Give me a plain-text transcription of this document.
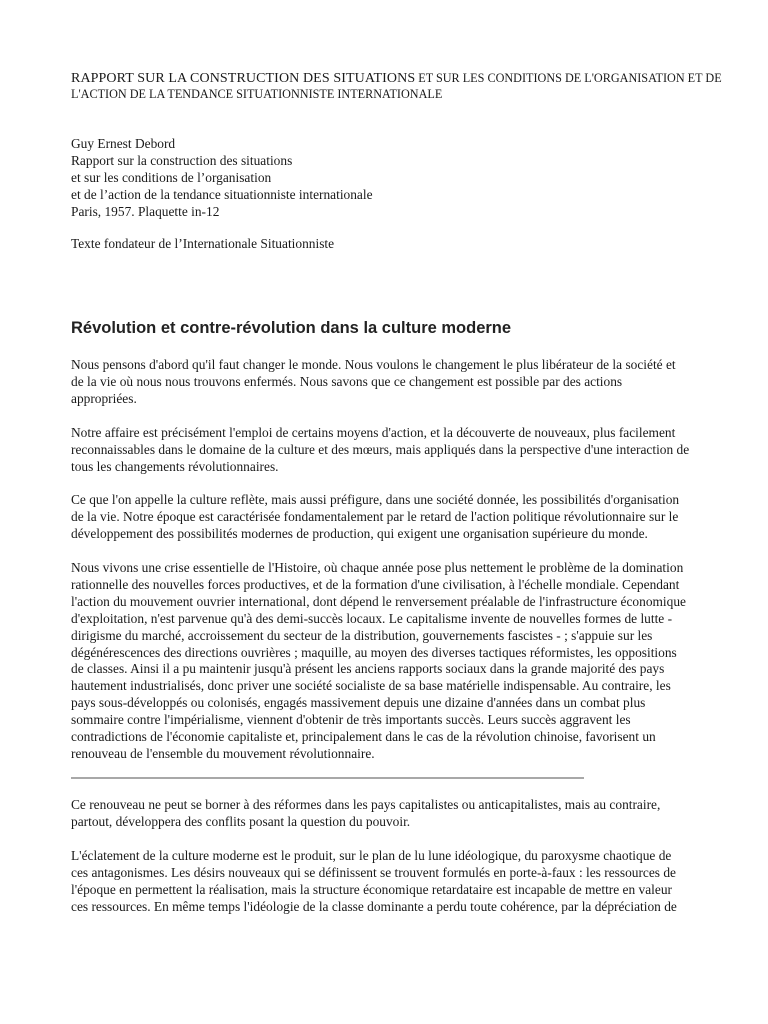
RAPPORT SUR LA CONSTRUCTION DES SITUATIONS ET SUR LES CONDITIONS DE L'ORGANISATION ET DE
L'ACTION DE LA TENDANCE SITUATIONNISTE INTERNATIONALE
Guy Ernest Debord
Rapport sur la construction des situations
et sur les conditions de l’organisation
et de l’action de la tendance situationniste internationale
Paris, 1957. Plaquette in-12
Texte fondateur de l’Internationale Situationniste
Révolution et contre-révolution dans la culture moderne
Nous pensons d'abord qu'il faut changer le monde. Nous voulons le changement le plus libérateur de la société et
de la vie où nous nous trouvons enfermés. Nous savons que ce changement est possible par des actions
appropriées.
Notre affaire est précisément l'emploi de certains moyens d'action, et la découverte de nouveaux, plus facilement
reconnaissables dans le domaine de la culture et des mœurs, mais appliqués dans la perspective d'une interaction de
tous les changements révolutionnaires.
Ce que l'on appelle la culture reflète, mais aussi préfigure, dans une société donnée, les possibilités d'organisation
de la vie. Notre époque est caractérisée fondamentalement par le retard de l'action politique révolutionnaire sur le
développement des possibilités modernes de production, qui exigent une organisation supérieure du monde.
Nous vivons une crise essentielle de l'Histoire, où chaque année pose plus nettement le problème de la domination
rationnelle des nouvelles forces productives, et de la formation d'une civilisation, à l'échelle mondiale. Cependant
l'action du mouvement ouvrier international, dont dépend le renversement préalable de l'infrastructure économique
d'exploitation, n'est parvenue qu'à des demi-succès locaux. Le capitalisme invente de nouvelles formes de lutte -
dirigisme du marché, accroissement du secteur de la distribution, gouvernements fascistes - ; s'appuie sur les
dégénérescences des directions ouvrières ; maquille, au moyen des diverses tactiques réformistes, les oppositions
de classes. Ainsi il a pu maintenir jusqu'à présent les anciens rapports sociaux dans la grande majorité des pays
hautement industrialisés, donc priver une société socialiste de sa base matérielle indispensable. Au contraire, les
pays sous-développés ou colonisés, engagés massivement depuis une dizaine d'années dans un combat plus
sommaire contre l'impérialisme, viennent d'obtenir de très importants succès. Leurs succès aggravent les
contradictions de l'économie capitaliste et, principalement dans le cas de la révolution chinoise, favorisent un
renouveau de l'ensemble du mouvement révolutionnaire.
Ce renouveau ne peut se borner à des réformes dans les pays capitalistes ou anticapitalistes, mais au contraire,
partout, développera des conflits posant la question du pouvoir.
L'éclatement de la culture moderne est le produit, sur le plan de lu lune idéologique, du paroxysme chaotique de
ces antagonismes. Les désirs nouveaux qui se définissent se trouvent formulés en porte-à-faux : les ressources de
l'époque en permettent la réalisation, mais la structure économique retardataire est incapable de mettre en valeur
ces ressources. En même temps l'idéologie de la classe dominante a perdu toute cohérence, par la dépréciation de
